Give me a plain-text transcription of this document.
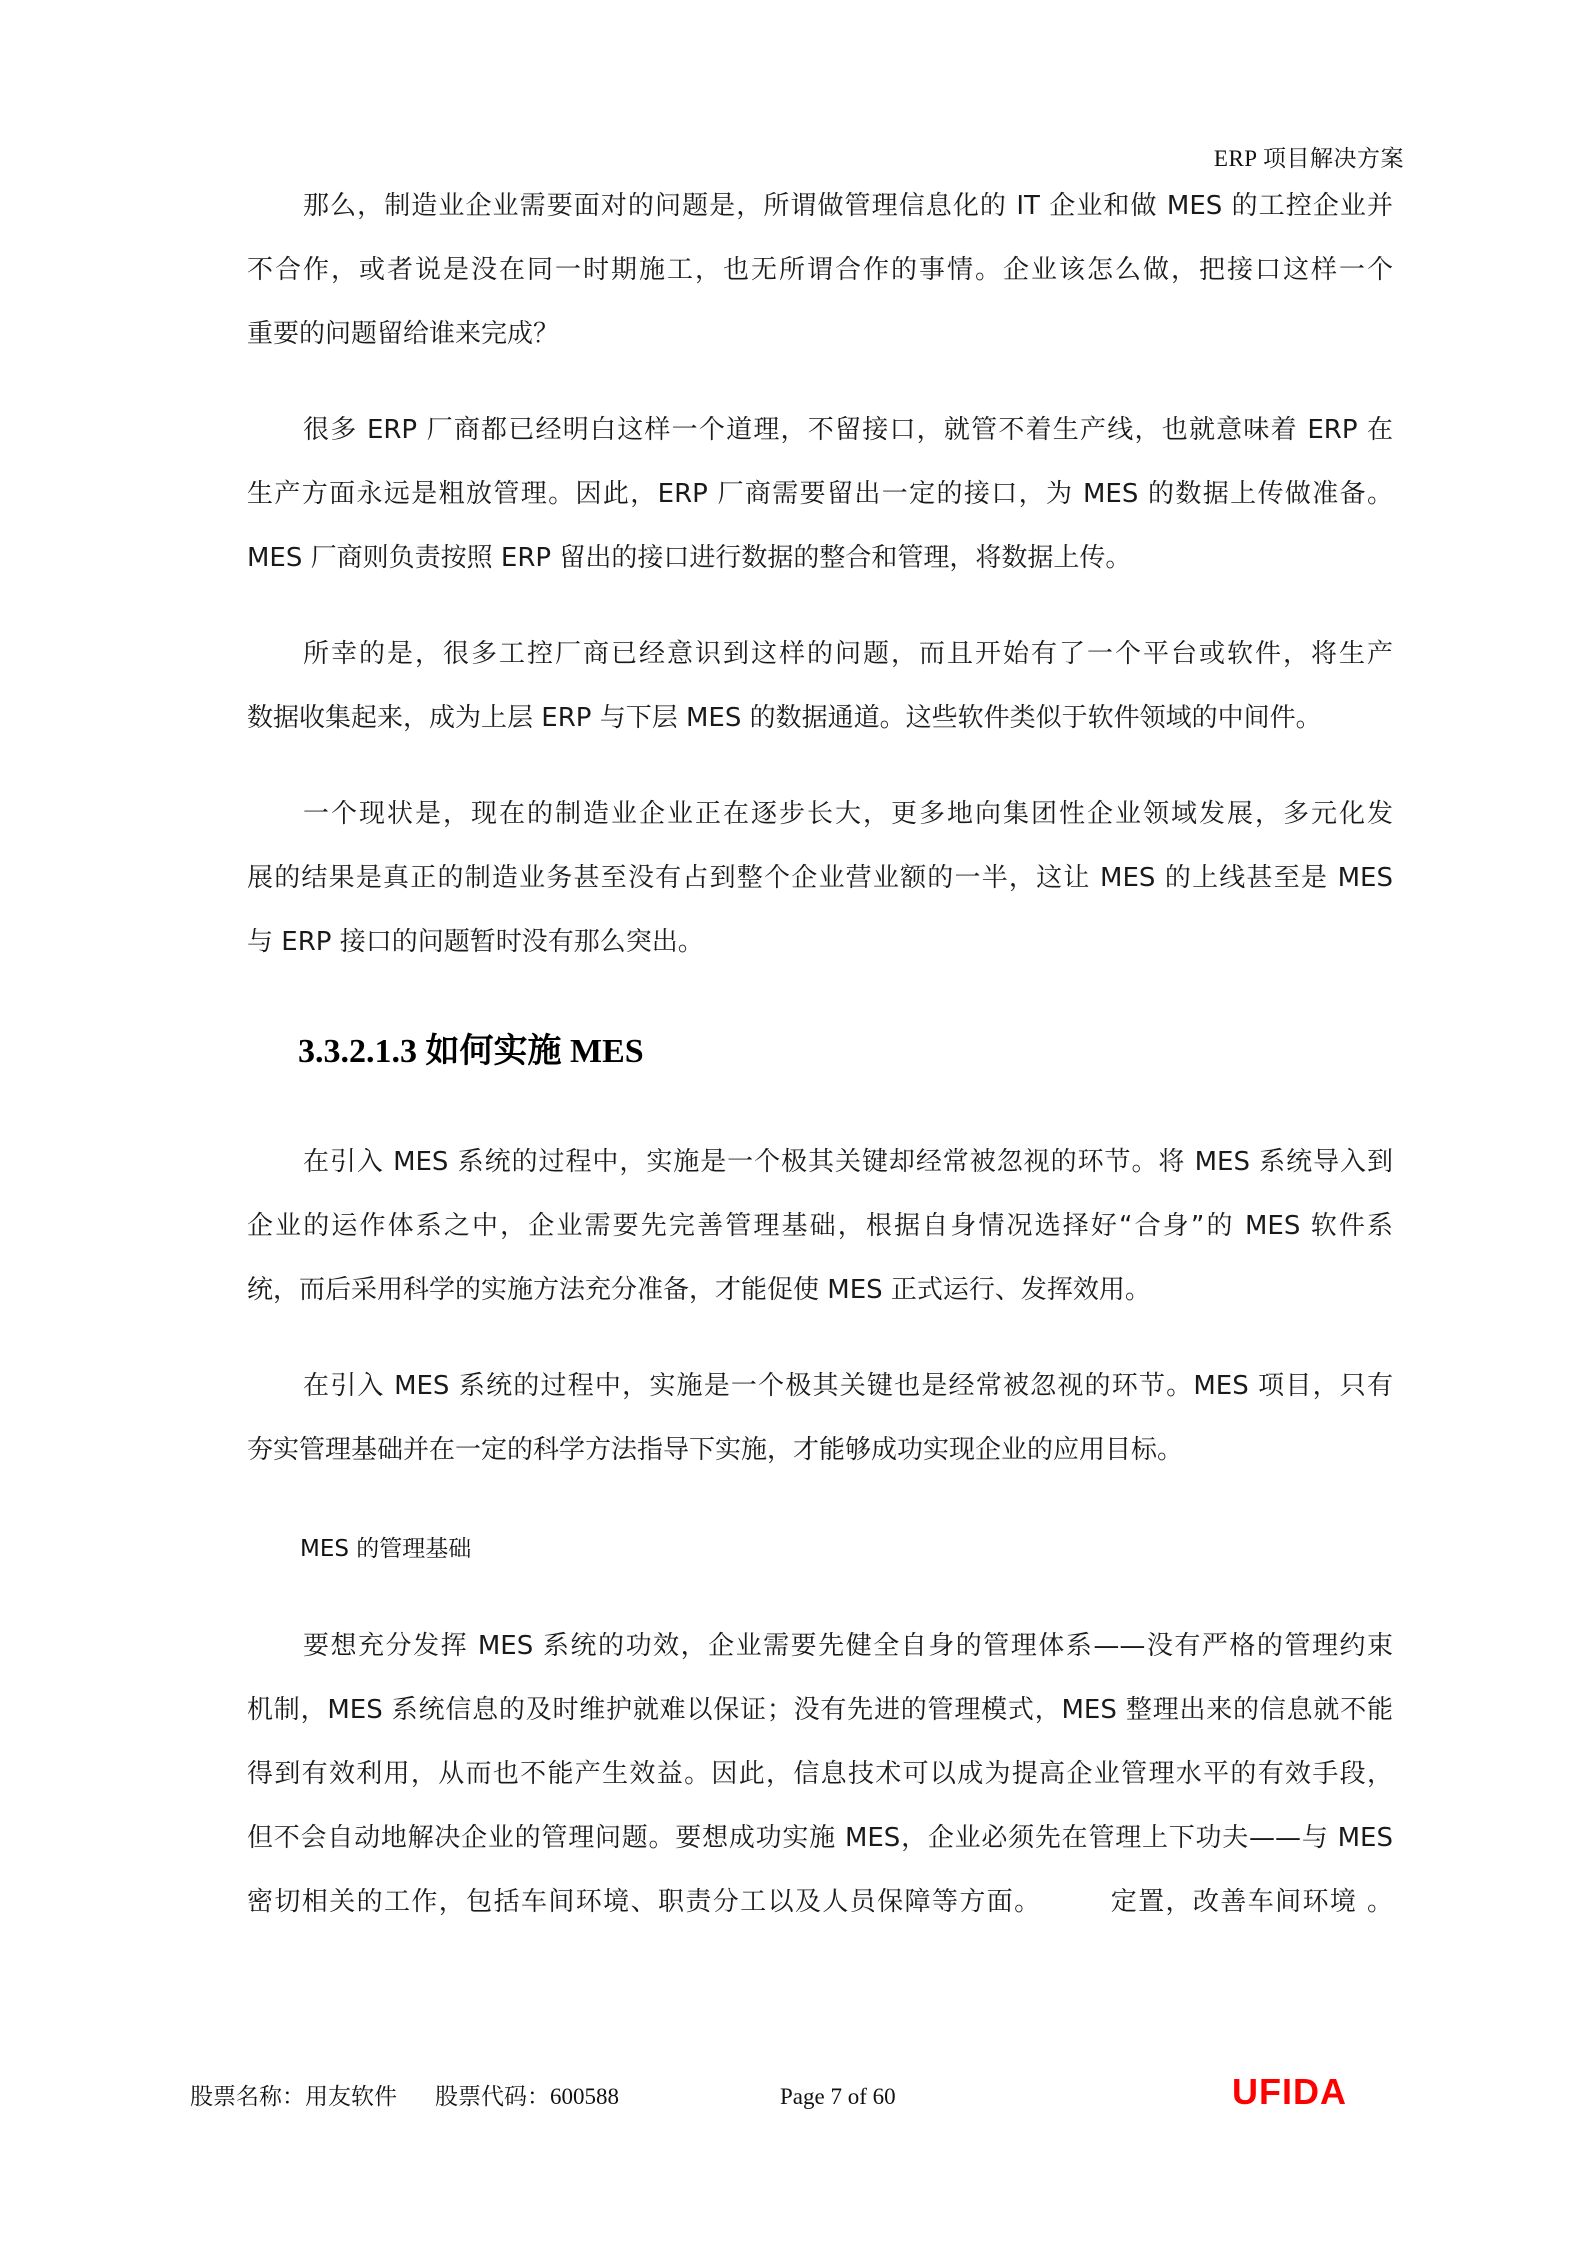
ERP 项目解决方案
那么，制造业企业需要面对的问题是，所谓做管理信息化的 IT 企业和做 MES 的工控企业并
不合作，或者说是没在同一时期施工，也无所谓合作的事情。企业该怎么做，把接口这样一个
重要的问题留给谁来完成？
很多 ERP 厂商都已经明白这样一个道理，不留接口，就管不着生产线，也就意味着 ERP 在
生产方面永远是粗放管理。因此，ERP 厂商需要留出一定的接口，为 MES 的数据上传做准备。
MES 厂商则负责按照 ERP 留出的接口进行数据的整合和管理，将数据上传。
所幸的是，很多工控厂商已经意识到这样的问题，而且开始有了一个平台或软件，将生产
数据收集起来，成为上层 ERP 与下层 MES 的数据通道。这些软件类似于软件领域的中间件。
一个现状是，现在的制造业企业正在逐步长大，更多地向集团性企业领域发展，多元化发
展的结果是真正的制造业务甚至没有占到整个企业营业额的一半，这让 MES 的上线甚至是 MES
与 ERP 接口的问题暂时没有那么突出。
3.3.2.1.3 如何实施 MES
在引入 MES 系统的过程中，实施是一个极其关键却经常被忽视的环节。将 MES 系统导入到
企业的运作体系之中，企业需要先完善管理基础，根据自身情况选择好“合身”的 MES 软件系
统，而后采用科学的实施方法充分准备，才能促使 MES 正式运行、发挥效用。
在引入 MES 系统的过程中，实施是一个极其关键也是经常被忽视的环节。MES 项目，只有
夯实管理基础并在一定的科学方法指导下实施，才能够成功实现企业的应用目标。
MES 的管理基础
要想充分发挥 MES 系统的功效，企业需要先健全自身的管理体系——没有严格的管理约束
机制，MES 系统信息的及时维护就难以保证；没有先进的管理模式，MES 整理出来的信息就不能
得到有效利用，从而也不能产生效益。因此，信息技术可以成为提高企业管理水平的有效手段，
但不会自动地解决企业的管理问题。要想成功实施 MES，企业必须先在管理上下功夫——与 MES
密切相关的工作，包括车间环境、职责分工以及人员保障等方面。　　　定置，改善车间环境 。
股票名称：用友软件 股票代码：600588	Page 7 of 60	UFIDA
